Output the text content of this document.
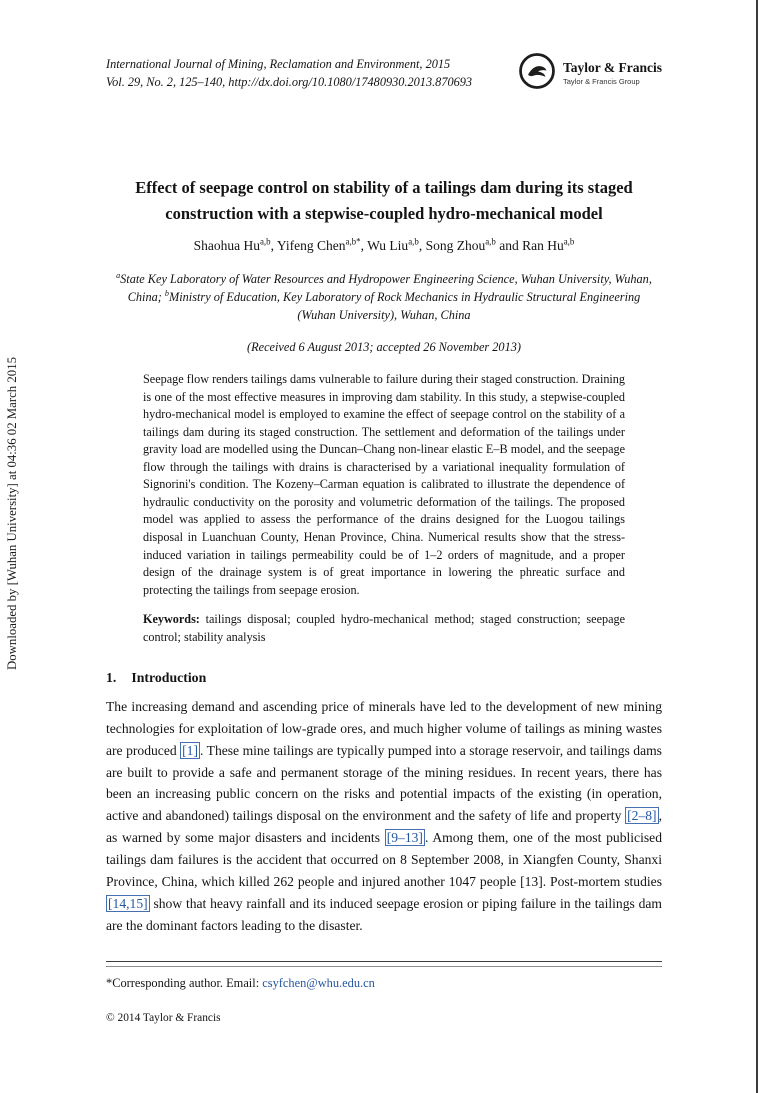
Downloaded by [Wuhan University] at 04:36 02 March 2015
International Journal of Mining, Reclamation and Environment, 2015
Vol. 29, No. 2, 125–140, http://dx.doi.org/10.1080/17480930.2013.870693
Taylor & Francis
Taylor & Francis Group
Effect of seepage control on stability of a tailings dam during its staged construction with a stepwise-coupled hydro-mechanical model

Shaohua Hu$^{a,b}$, Yifeng Chen$^{a,b*}$, Wu Liu$^{a,b}$, Song Zhou$^{a,b}$ and Ran Hu$^{a,b}$

$^a$State Key Laboratory of Water Resources and Hydropower Engineering Science, Wuhan University, Wuhan, China; $^b$Ministry of Education, Key Laboratory of Rock Mechanics in Hydraulic Structural Engineering (Wuhan University), Wuhan, China

(Received 6 August 2013; accepted 26 November 2013)

Seepage flow renders tailings dams vulnerable to failure during their staged construction. Draining is one of the most effective measures in improving dam stability. In this study, a stepwise-coupled hydro-mechanical model is employed to examine the effect of seepage control on the stability of a tailings dam during its staged construction. The settlement and deformation of the tailings under gravity load are modelled using the Duncan–Chang non-linear elastic E–B model, and the seepage flow through the tailings with drains is characterised by a variational inequality formulation of Signorini's condition. The Kozeny–Carman equation is calibrated to illustrate the dependence of hydraulic conductivity on the porosity and volumetric deformation of the tailings. The proposed model was applied to assess the performance of the drains designed for the Luogou tailings disposal in Luanchuan County, Henan Province, China. Numerical results show that the stress-induced variation in tailings permeability could be of 1–2 orders of magnitude, and a proper design of the drainage system is of great importance in lowering the phreatic surface and protecting the tailings from seepage erosion.

Keywords: tailings disposal; coupled hydro-mechanical method; staged construction; seepage control; stability analysis

1. Introduction

The increasing demand and ascending price of minerals have led to the development of new mining technologies for exploitation of low-grade ores, and much higher volume of tailings as mining wastes are produced [1] . These mine tailings are typically pumped into a storage reservoir, and tailings dams are built to provide a safe and permanent storage of the mining residues. In recent years, there has been an increasing public concern on the risks and potential impacts of the existing (in operation, active and abandoned) tailings disposal on the environment and the safety of life and property [2–8] , as warned by some major disasters and incidents [9–13] . Among them, one of the most publicised tailings dam failures is the accident that occurred on 8 September 2008, in Xiangfen County, Shanxi Province, China, which killed 262 people and injured another 1047 people [13]. Post-mortem studies [14,15] show that heavy rainfall and its induced seepage erosion or piping failure in the tailings dam are the dominant factors leading to the disaster.

*Corresponding author. Email: csyfchen@whu.edu.cn

© 2014 Taylor & Francis
